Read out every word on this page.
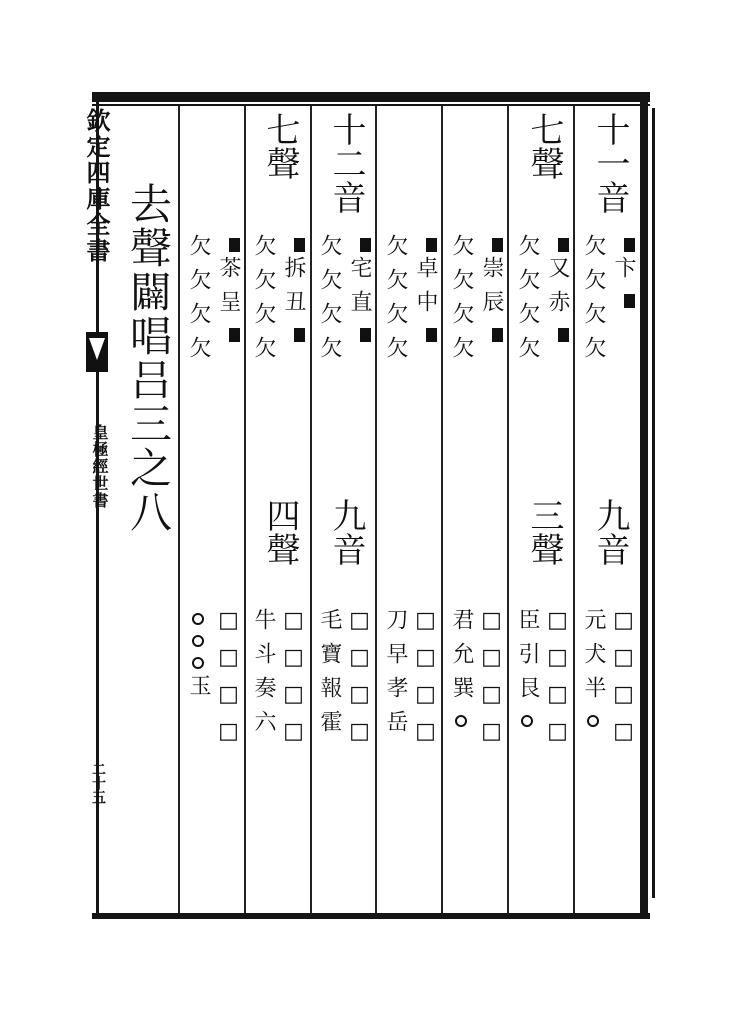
欽定四庫全書
皇極經世書
二十五
去聲闢唱吕三之八
十一音
卞
欠欠欠欠
九音
□□□□
元犬半
七聲
又赤
欠欠欠欠
三聲
□□□□
臣引艮
崇辰
欠欠欠欠
□□□□
君允巽
卓中
欠欠欠欠
□□□□
刀早孝岳
十二音
宅直
欠欠欠欠
九音
□□□□
毛寶報霍
七聲
拆丑
欠欠欠欠
四聲
□□□□
牛斗奏六
茶呈
欠欠欠欠
□□□□
玉
